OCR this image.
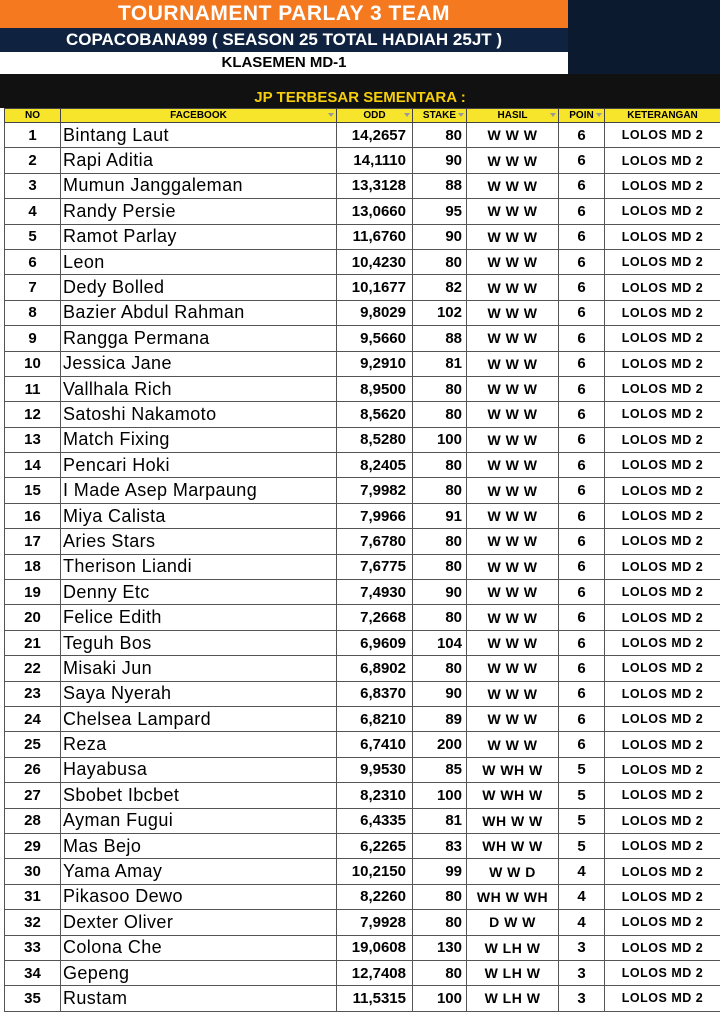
TOURNAMENT PARLAY 3 TEAM
COPACOBANA99 ( SEASON 25 TOTAL HADIAH 25JT )
KLASEMEN MD-1
JP TERBESAR SEMENTARA :
NO	FACEBOOK	ODD	STAKE	HASIL	POIN	KETERANGAN
1	Bintang Laut	14,2657	80	W W W	6	LOLOS MD 2
2	Rapi Aditia	14,1110	90	W W W	6	LOLOS MD 2
3	Mumun Janggaleman	13,3128	88	W W W	6	LOLOS MD 2
4	Randy Persie	13,0660	95	W W W	6	LOLOS MD 2
5	Ramot Parlay	11,6760	90	W W W	6	LOLOS MD 2
6	Leon	10,4230	80	W W W	6	LOLOS MD 2
7	Dedy Bolled	10,1677	82	W W W	6	LOLOS MD 2
8	Bazier Abdul Rahman	9,8029	102	W W W	6	LOLOS MD 2
9	Rangga Permana	9,5660	88	W W W	6	LOLOS MD 2
10	Jessica Jane	9,2910	81	W W W	6	LOLOS MD 2
11	Vallhala Rich	8,9500	80	W W W	6	LOLOS MD 2
12	Satoshi Nakamoto	8,5620	80	W W W	6	LOLOS MD 2
13	Match Fixing	8,5280	100	W W W	6	LOLOS MD 2
14	Pencari Hoki	8,2405	80	W W W	6	LOLOS MD 2
15	I Made Asep Marpaung	7,9982	80	W W W	6	LOLOS MD 2
16	Miya Calista	7,9966	91	W W W	6	LOLOS MD 2
17	Aries Stars	7,6780	80	W W W	6	LOLOS MD 2
18	Therison Liandi	7,6775	80	W W W	6	LOLOS MD 2
19	Denny Etc	7,4930	90	W W W	6	LOLOS MD 2
20	Felice Edith	7,2668	80	W W W	6	LOLOS MD 2
21	Teguh Bos	6,9609	104	W W W	6	LOLOS MD 2
22	Misaki Jun	6,8902	80	W W W	6	LOLOS MD 2
23	Saya Nyerah	6,8370	90	W W W	6	LOLOS MD 2
24	Chelsea Lampard	6,8210	89	W W W	6	LOLOS MD 2
25	Reza	6,7410	200	W W W	6	LOLOS MD 2
26	Hayabusa	9,9530	85	W WH W	5	LOLOS MD 2
27	Sbobet Ibcbet	8,2310	100	W WH W	5	LOLOS MD 2
28	Ayman Fugui	6,4335	81	WH W W	5	LOLOS MD 2
29	Mas Bejo	6,2265	83	WH W W	5	LOLOS MD 2
30	Yama Amay	10,2150	99	W W D	4	LOLOS MD 2
31	Pikasoo Dewo	8,2260	80	WH W WH	4	LOLOS MD 2
32	Dexter Oliver	7,9928	80	D W W	4	LOLOS MD 2
33	Colona Che	19,0608	130	W LH W	3	LOLOS MD 2
34	Gepeng	12,7408	80	W LH W	3	LOLOS MD 2
35	Rustam	11,5315	100	W LH W	3	LOLOS MD 2
